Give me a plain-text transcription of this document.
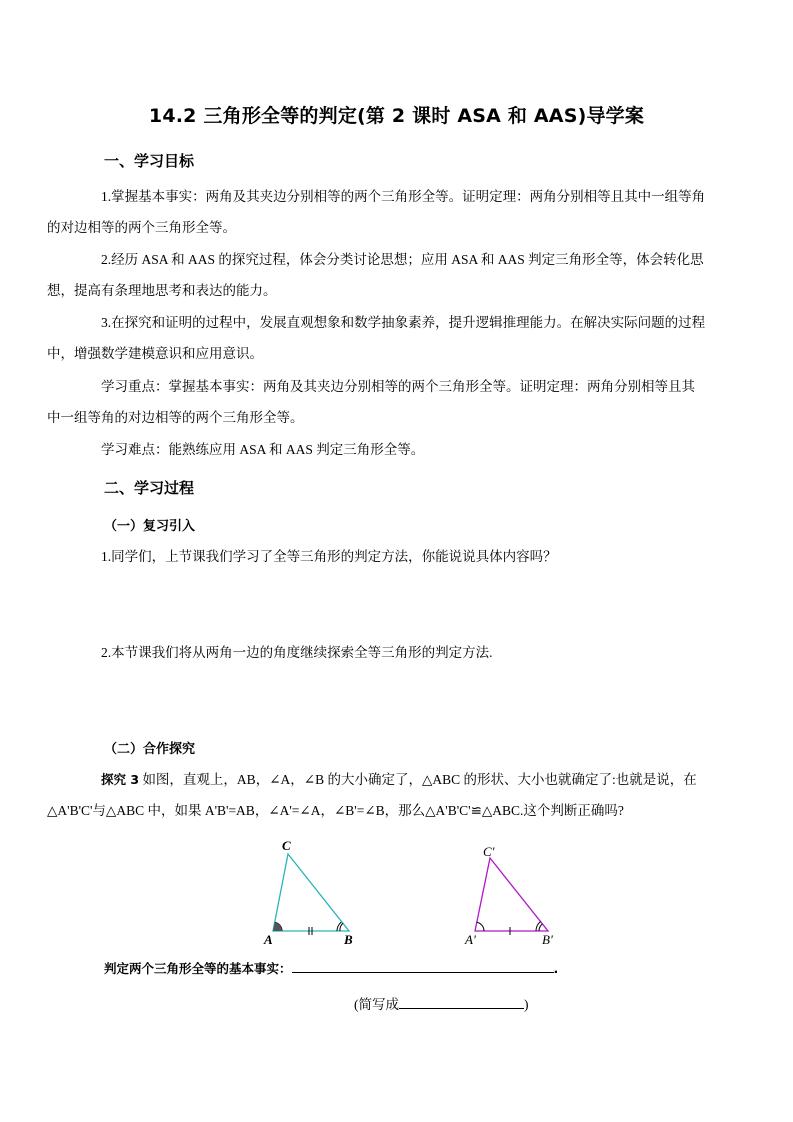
14.2 三角形全等的判定(第 2 课时 ASA 和 AAS)导学案
一、学习目标
1.掌握基本事实：两角及其夹边分别相等的两个三角形全等。证明定理：两角分别相等且其中一组等角
的对边相等的两个三角形全等。
2.经历 ASA 和 AAS 的探究过程，体会分类讨论思想；应用 ASA 和 AAS 判定三角形全等，体会转化思
想，提高有条理地思考和表达的能力。
3.在探究和证明的过程中，发展直观想象和数学抽象素养，提升逻辑推理能力。在解决实际问题的过程
中，增强数学建模意识和应用意识。
学习重点：掌握基本事实：两角及其夹边分别相等的两个三角形全等。证明定理：两角分别相等且其
中一组等角的对边相等的两个三角形全等。
学习难点：能熟练应用 ASA 和 AAS 判定三角形全等。
二、学习过程
（一）复习引入
1.同学们，上节课我们学习了全等三角形的判定方法，你能说说具体内容吗？
2.本节课我们将从两角一边的角度继续探索全等三角形的判定方法.
（二）合作探究
探究 3 如图，直观上，AB，∠A，∠B 的大小确定了，△ABC 的形状、大小也就确定了:也就是说，在
△A'B'C'与△ABC 中，如果 A'B'=AB，∠A'=∠A，∠B'=∠B，那么△A'B'C'≌△ABC.这个判断正确吗?
A	B
C
A'	B'
C'
判定两个三角形全等的基本事实：	.
(简写成	)
